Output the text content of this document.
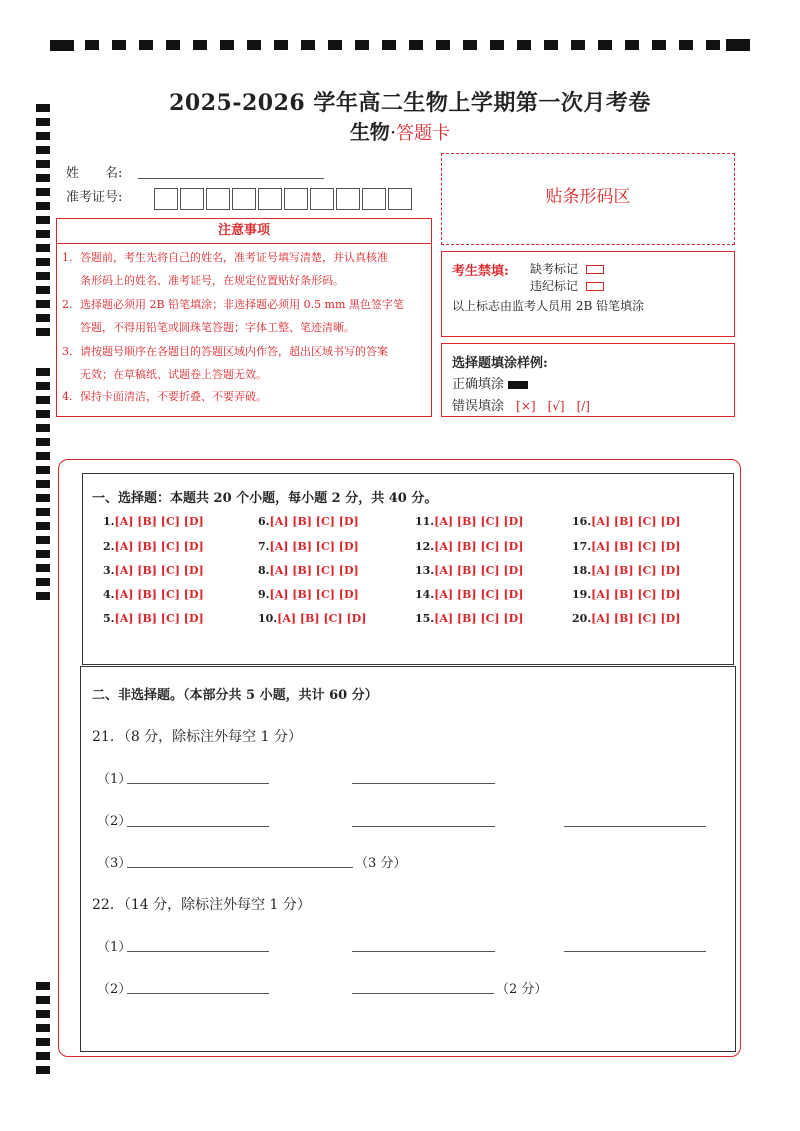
2025-2026 学年高二生物上学期第一次月考卷
生物·答题卡
姓　　名:
准考证号:
注意事项
1. 答题前，考生先将自己的姓名，准考证号填写清楚，并认真核准
条形码上的姓名、准考证号，在规定位置贴好条形码。
2. 选择题必须用 2B 铅笔填涂；非选择题必须用 0.5 mm 黑色签字笔
答题，不得用铅笔或圆珠笔答题；字体工整、笔迹清晰。
3. 请按题号顺序在各题目的答题区域内作答，超出区域书写的答案
无效；在草稿纸、试题卷上答题无效。
4. 保持卡面清洁，不要折叠、不要弄破。
贴条形码区
考生禁填: 缺考标记
违纪标记
以上标志由监考人员用 2B 铅笔填涂
选择题填涂样例:
正确填涂
错误填涂 [×]　[√]　[/]
一、选择题：本题共 20 个小题，每小题 2 分，共 40 分。
1.[A] [B] [C] [D]
2.[A] [B] [C] [D]
3.[A] [B] [C] [D]
4.[A] [B] [C] [D]
5.[A] [B] [C] [D]
6.[A] [B] [C] [D]
7.[A] [B] [C] [D]
8.[A] [B] [C] [D]
9.[A] [B] [C] [D]
10.[A] [B] [C] [D]
11.[A] [B] [C] [D]
12.[A] [B] [C] [D]
13.[A] [B] [C] [D]
14.[A] [B] [C] [D]
15.[A] [B] [C] [D]
16.[A] [B] [C] [D]
17.[A] [B] [C] [D]
18.[A] [B] [C] [D]
19.[A] [B] [C] [D]
20.[A] [B] [C] [D]
二、非选择题。（本部分共 5 小题，共计 60 分）
21．（8 分，除标注外每空 1 分）
（1）
（2）
（3）	（3 分）
22．（14 分，除标注外每空 1 分）
（1）
（2）	（2 分）
